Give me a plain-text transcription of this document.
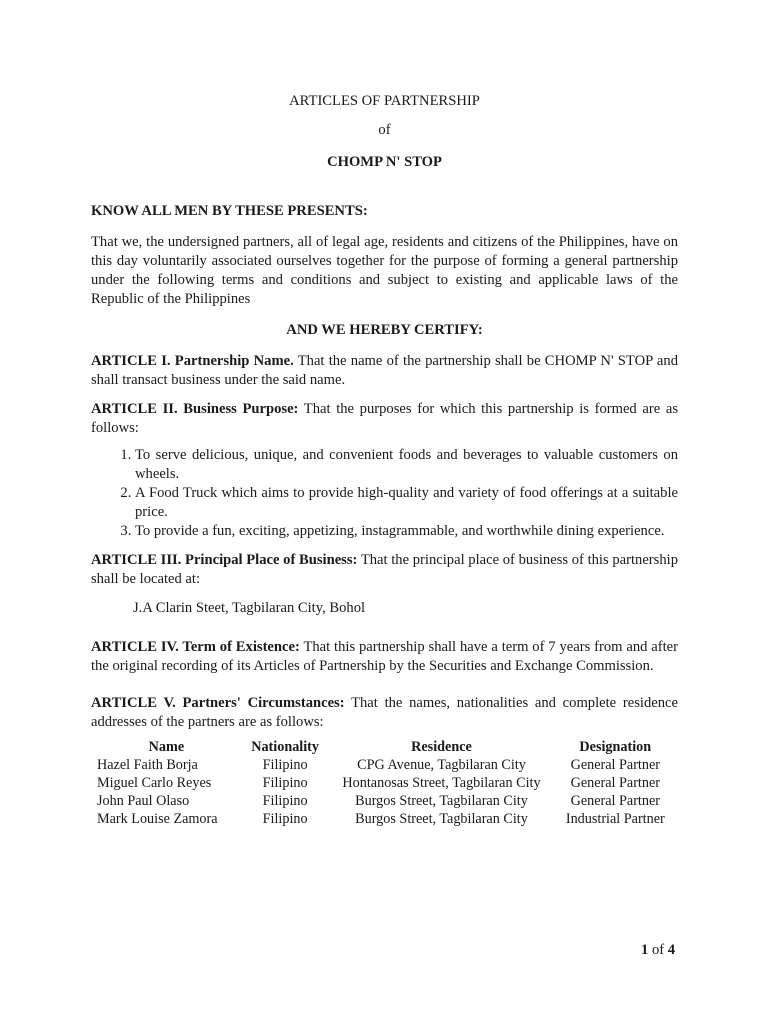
ARTICLES OF PARTNERSHIP

of

CHOMP N' STOP

KNOW ALL MEN BY THESE PRESENTS:

That we, the undersigned partners, all of legal age, residents and citizens of the Philippines, have on this day voluntarily associated ourselves together for the purpose of forming a general partnership under the following terms and conditions and subject to existing and applicable laws of the Republic of the Philippines

AND WE HEREBY CERTIFY:

ARTICLE I. Partnership Name. That the name of the partnership shall be CHOMP N' STOP and shall transact business under the said name.

ARTICLE II. Business Purpose: That the purposes for which this partnership is formed are as follows:

1. To serve delicious, unique, and convenient foods and beverages to valuable customers on wheels.
2. A Food Truck which aims to provide high-quality and variety of food offerings at a suitable price.
3. To provide a fun, exciting, appetizing, instagrammable, and worthwhile dining experience.

ARTICLE III. Principal Place of Business: That the principal place of business of this partnership shall be located at:

J.A Clarin Steet, Tagbilaran City, Bohol

ARTICLE IV. Term of Existence: That this partnership shall have a term of 7 years from and after the original recording of its Articles of Partnership by the Securities and Exchange Commission.

ARTICLE V. Partners' Circumstances: That the names, nationalities and complete residence addresses of the partners are as follows:

Name	Nationality	Residence	Designation
Hazel Faith Borja	Filipino	CPG Avenue, Tagbilaran City	General Partner
Miguel Carlo Reyes	Filipino	Hontanosas Street, Tagbilaran City	General Partner
John Paul Olaso	Filipino	Burgos Street, Tagbilaran City	General Partner
Mark Louise Zamora	Filipino	Burgos Street, Tagbilaran City	Industrial Partner
1 of 4
